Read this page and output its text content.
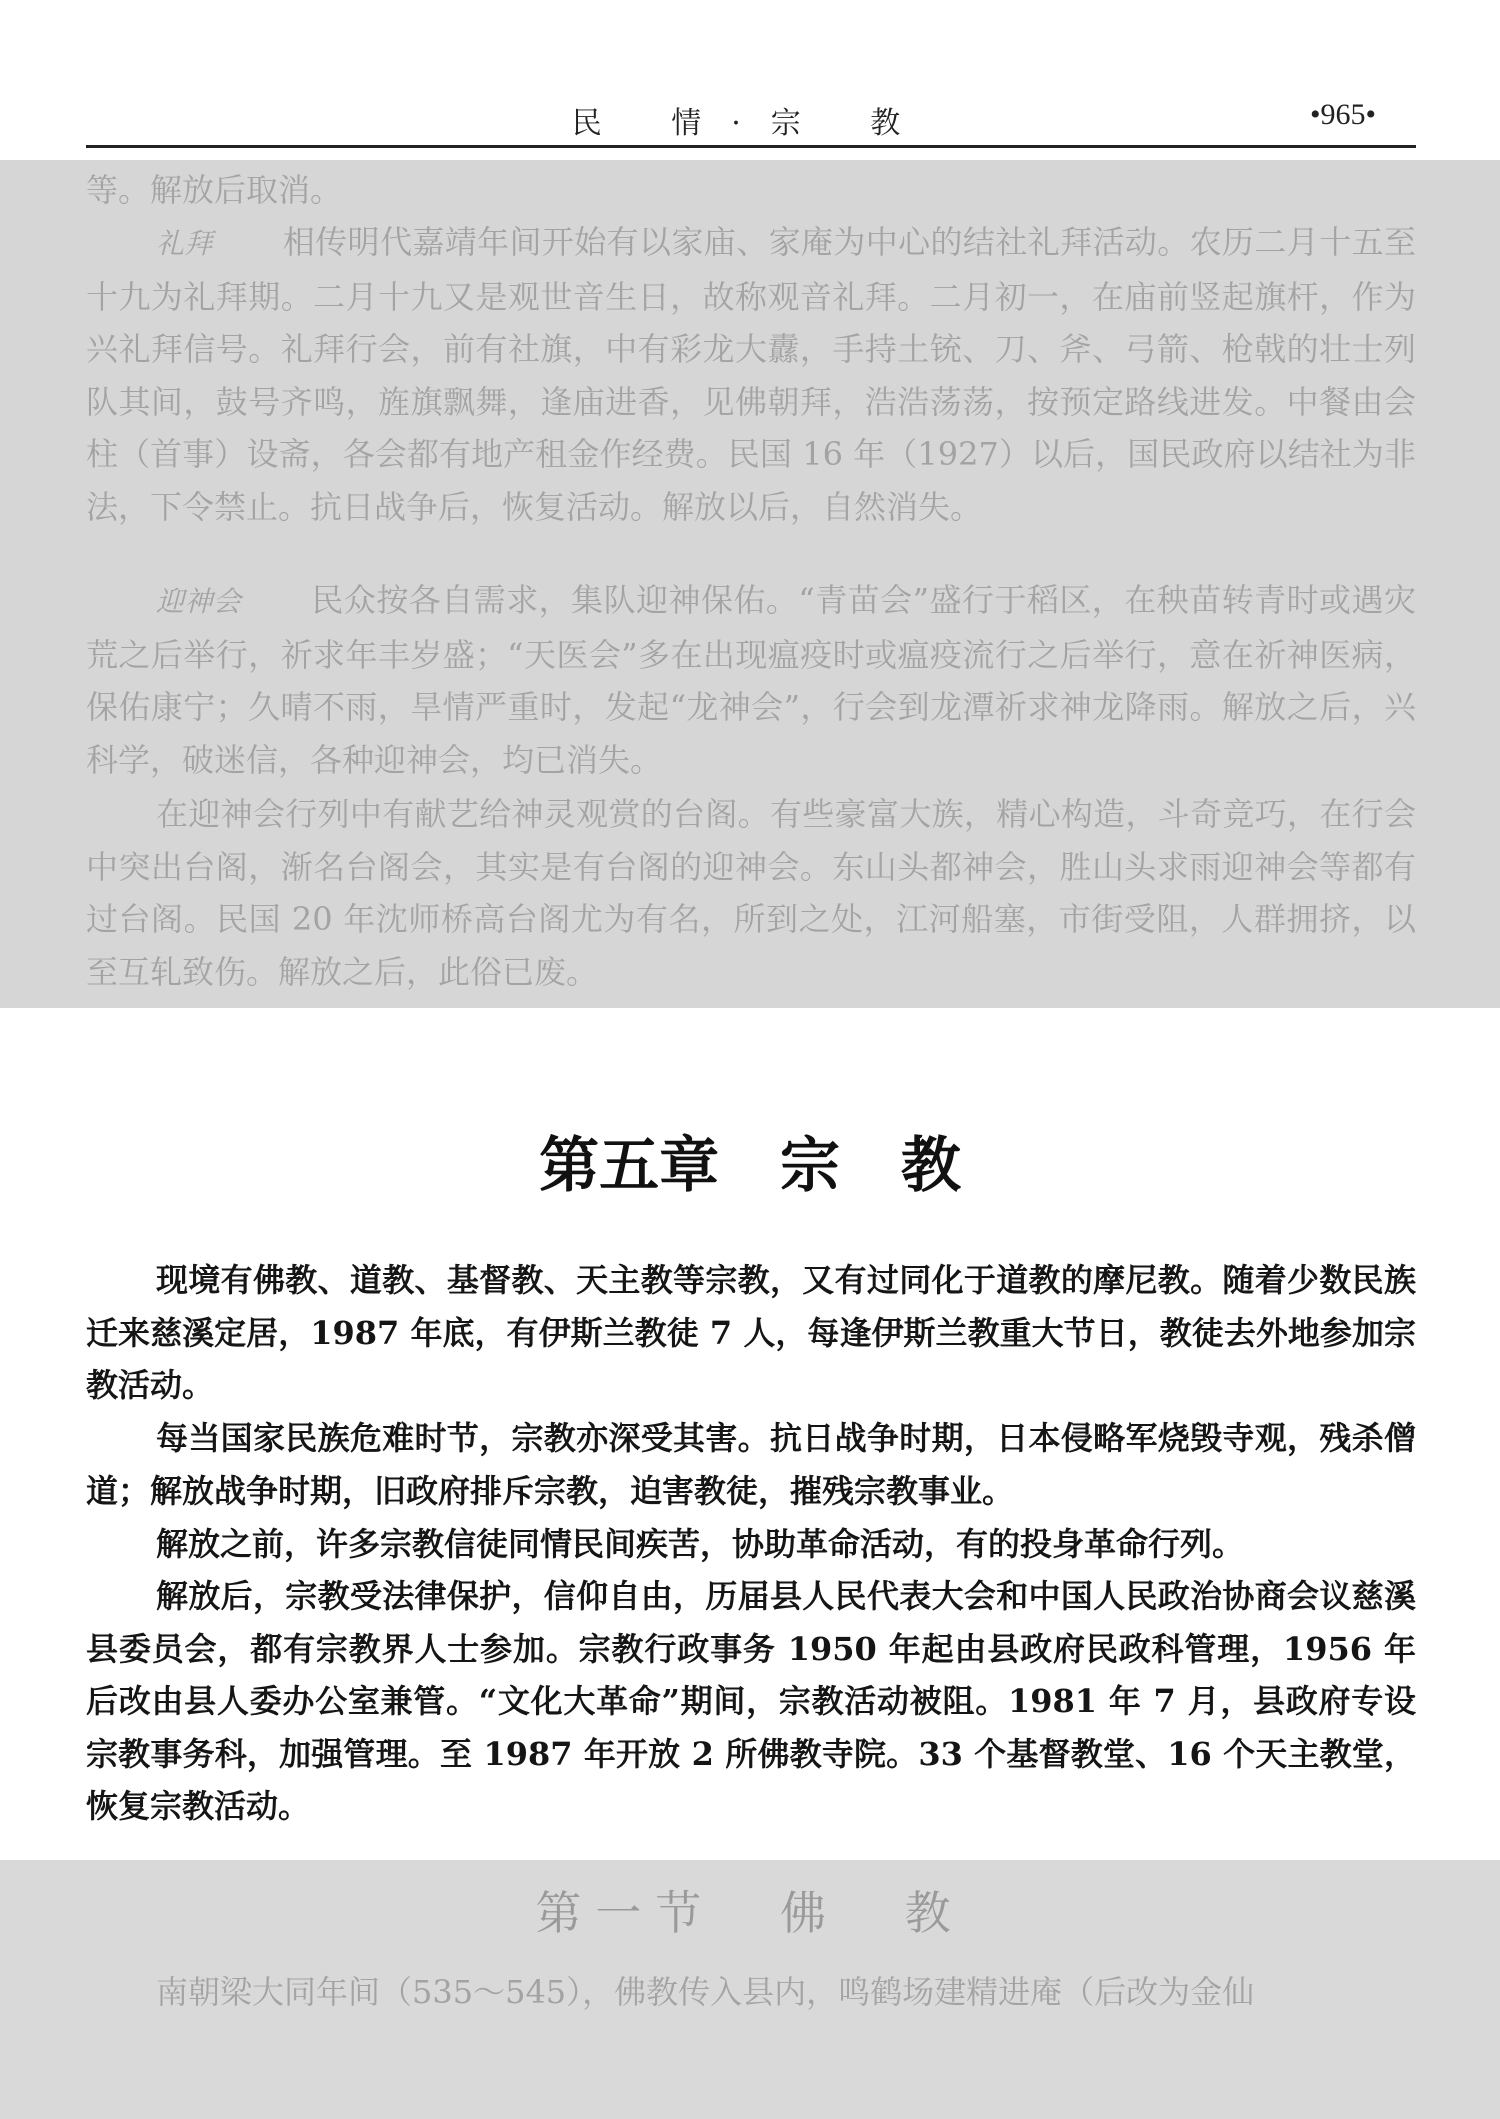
民 情·宗 教	•965•

等。解放后取消。

礼拜 相传明代嘉靖年间开始有以家庙、家庵为中心的结社礼拜活动。农历二月十五至十九为礼拜期。二月十九又是观世音生日，故称观音礼拜。二月初一，在庙前竖起旗杆，作为兴礼拜信号。礼拜行会，前有社旗，中有彩龙大纛，手持土铳、刀、斧、弓箭、枪戟的壮士列队其间，鼓号齐鸣，旌旗飘舞，逢庙进香，见佛朝拜，浩浩荡荡，按预定路线进发。中餐由会柱（首事）设斋，各会都有地产租金作经费。民国 16 年（1927）以后，国民政府以结社为非法，下令禁止。抗日战争后，恢复活动。解放以后，自然消失。

迎神会 民众按各自需求，集队迎神保佑。“青苗会”盛行于稻区，在秧苗转青时或遇灾荒之后举行，祈求年丰岁盛；“天医会”多在出现瘟疫时或瘟疫流行之后举行，意在祈神医病，保佑康宁；久晴不雨，旱情严重时，发起“龙神会”，行会到龙潭祈求神龙降雨。解放之后，兴科学，破迷信，各种迎神会，均已消失。

在迎神会行列中有献艺给神灵观赏的台阁。有些豪富大族，精心构造，斗奇竞巧，在行会中突出台阁，渐名台阁会，其实是有台阁的迎神会。东山头都神会，胜山头求雨迎神会等都有过台阁。民国 20 年沈师桥高台阁尤为有名，所到之处，江河船塞，市街受阻，人群拥挤，以至互轧致伤。解放之后，此俗已废。

第五章 宗 教

现境有佛教、道教、基督教、天主教等宗教，又有过同化于道教的摩尼教。随着少数民族迁来慈溪定居，1987 年底，有伊斯兰教徒 7 人，每逢伊斯兰教重大节日，教徒去外地参加宗教活动。

每当国家民族危难时节，宗教亦深受其害。抗日战争时期，日本侵略军烧毁寺观，残杀僧道；解放战争时期，旧政府排斥宗教，迫害教徒，摧残宗教事业。

解放之前，许多宗教信徒同情民间疾苦，协助革命活动，有的投身革命行列。

解放后，宗教受法律保护，信仰自由，历届县人民代表大会和中国人民政治协商会议慈溪县委员会，都有宗教界人士参加。宗教行政事务 1950 年起由县政府民政科管理，1956 年后改由县人委办公室兼管。“文化大革命”期间，宗教活动被阻。1981 年 7 月，县政府专设宗教事务科，加强管理。至 1987 年开放 2 所佛教寺院。33 个基督教堂、16 个天主教堂，恢复宗教活动。

第一节 佛 教

南朝梁大同年间（535～545），佛教传入县内，鸣鹤场建精进庵（后改为金仙
